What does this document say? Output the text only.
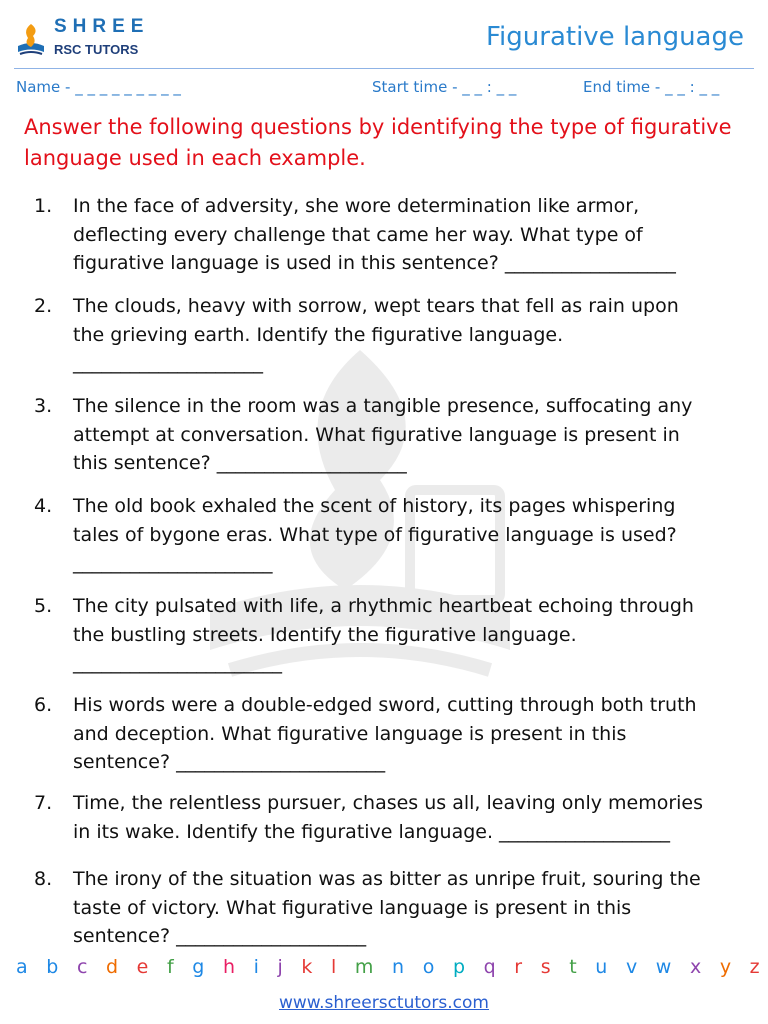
SHREE
RSC TUTORS	Figurative language
Name - _ _ _ _ _ _ _ _ _	Start time - _ _ : _ _	End time - _ _ : _ _
Answer the following questions by identifying the type of figurative language used in each example.
1. In the face of adversity, she wore determination like armor,
deflecting every challenge that came her way. What type of
figurative language is used in this sentence? __________________
2. The clouds, heavy with sorrow, wept tears that fell as rain upon
the grieving earth. Identify the figurative language.
____________________
3. The silence in the room was a tangible presence, suffocating any
attempt at conversation. What figurative language is present in
this sentence? ____________________
4. The old book exhaled the scent of history, its pages whispering
tales of bygone eras. What type of figurative language is used?
_____________________
5. The city pulsated with life, a rhythmic heartbeat echoing through
the bustling streets. Identify the figurative language.
______________________
6. His words were a double-edged sword, cutting through both truth
and deception. What figurative language is present in this
sentence? ______________________
7. Time, the relentless pursuer, chases us all, leaving only memories
in its wake. Identify the figurative language. __________________
8. The irony of the situation was as bitter as unripe fruit, souring the
taste of victory. What figurative language is present in this
sentence? ____________________
a b c d e f g h i j k l m n o p q r s t u v w x y z
www.shreersctutors.com
